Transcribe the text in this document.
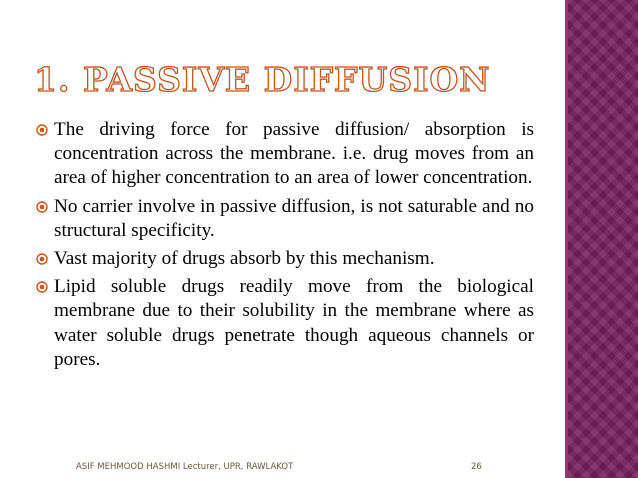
1. PASSIVE DIFFUSION
The driving force for passive diffusion/ absorption is concentration across the membrane. i.e. drug moves from an area of higher concentration to an area of lower concentration.
No carrier involve in passive diffusion, is not saturable and no structural specificity.
Vast majority of drugs absorb by this mechanism.
Lipid soluble drugs readily move from the biological membrane due to their solubility in the membrane where as water soluble drugs penetrate though aqueous channels or pores.
ASIF MEHMOOD HASHMI Lecturer, UPR, RAWLAKOT	26
